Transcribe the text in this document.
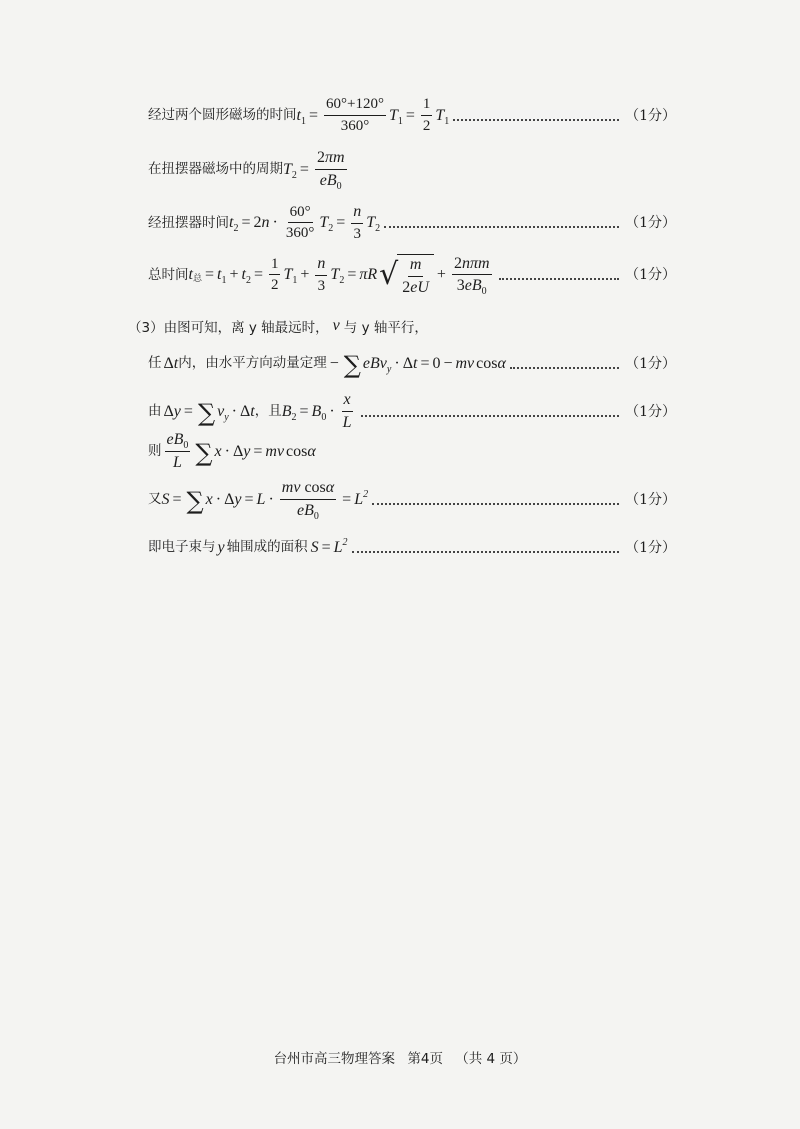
经过两个圆形磁场的时间 $t_1 = \frac{60^\circ+120^\circ}{360^\circ} T_1 = \frac{1}{2} T_1$	（1分）
在扭摆器磁场中的周期 $T_2 = \frac{2\pi m}{eB_0}$
经扭摆器时间 $t_2 = 2$ $n \cdot \frac{60^\circ}{360^\circ} T_2 = \frac{n}{3} T_2$	（1分）
总时间 t 总 = $t_1 + t_2 = \frac{1}{2} T_1 + \frac{n}{3} T_2 = \pi R$ √ $\frac{m}{2eU} + \frac{\text{2nπm}}{3eB_0}$	（1分）
（3） 由图可知，离 y 轴最远时， v 与 y 轴平行，
任 Δ t 内，由水平方向动量定理 − ∑ eBv$_y$ · Δ t = 0 − mv cos α	（1分）
由 Δ y = ∑ $v_y \cdot \Delta$ t ，且 $B_2 = B_0 \cdot \frac{x}{L}$	（1分）
则 $\frac{eB_0}{L}$ ∑ x · Δ y = mv cos α
又 S = ∑ x · Δ $y = L \cdot \frac{\text{mv cosα}}{eB_0} = L^2$	（1分）
即电子束与 y 轴围成的面积 $S = L^2$	（1分）
台州市高三物理答案 第4页 （共 4 页）
